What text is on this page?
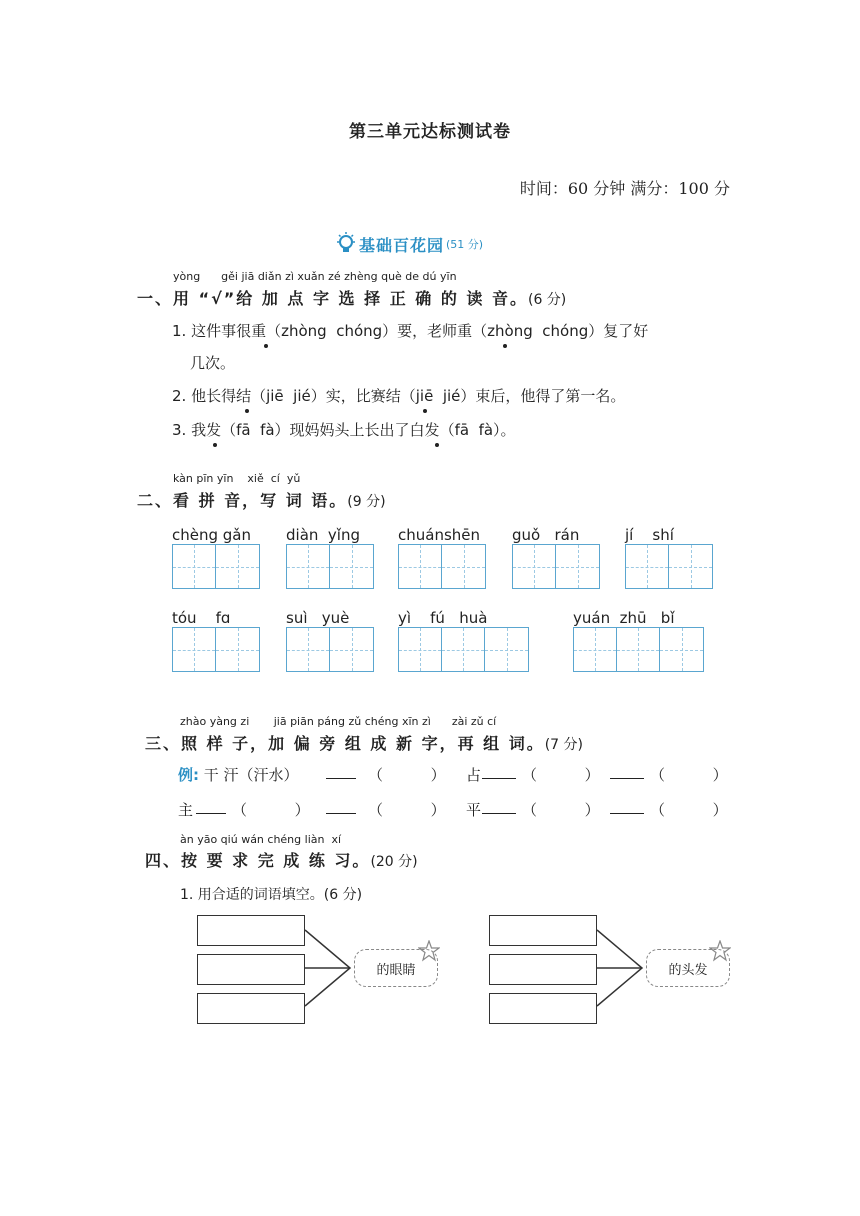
第三单元达标测试卷
时间：60 分钟 满分：100 分
基础百花园 (51 分)
yòng      gěi jiā diǎn zì xuǎn zé zhèng què de dú yīn
一、用 “√”给 加 点 字 选 择 正 确 的 读 音。(6 分)
1. 这件事很重（zhòng  chóng）要，老师重（zhòng  chóng）复了好
几次。
2. 他长得结（jiē  jié）实，比赛结（jiē  jié）束后，他得了第一名。
3. 我发（fā  fà）现妈妈头上长出了白发（fā  fà）。
kàn pīn yīn    xiě  cí  yǔ
二、看 拼 音，写 词 语。(9 分)
chèng gǎn	diàn  yǐng	chuánshēn	guǒ   rán	jí    shí
tóu    fɑ	suì   yuè	yì    fú   huà	yuán  zhū   bǐ
zhào yàng zi       jiā piān páng zǔ chéng xīn zì      zài zǔ cí
三、照 样 子，加 偏 旁 组 成 新 字，再 组 词。(7 分)
例: 干 汗（汗水）	（          ） 占	（          ）	（          ）
主	（          ）	（          ） 平	（          ）	（          ）
àn yāo qiú wán chéng liàn  xí
四、按 要 求 完 成 练 习。(20 分)
1. 用合适的词语填空。(6 分)
的眼睛	的头发
